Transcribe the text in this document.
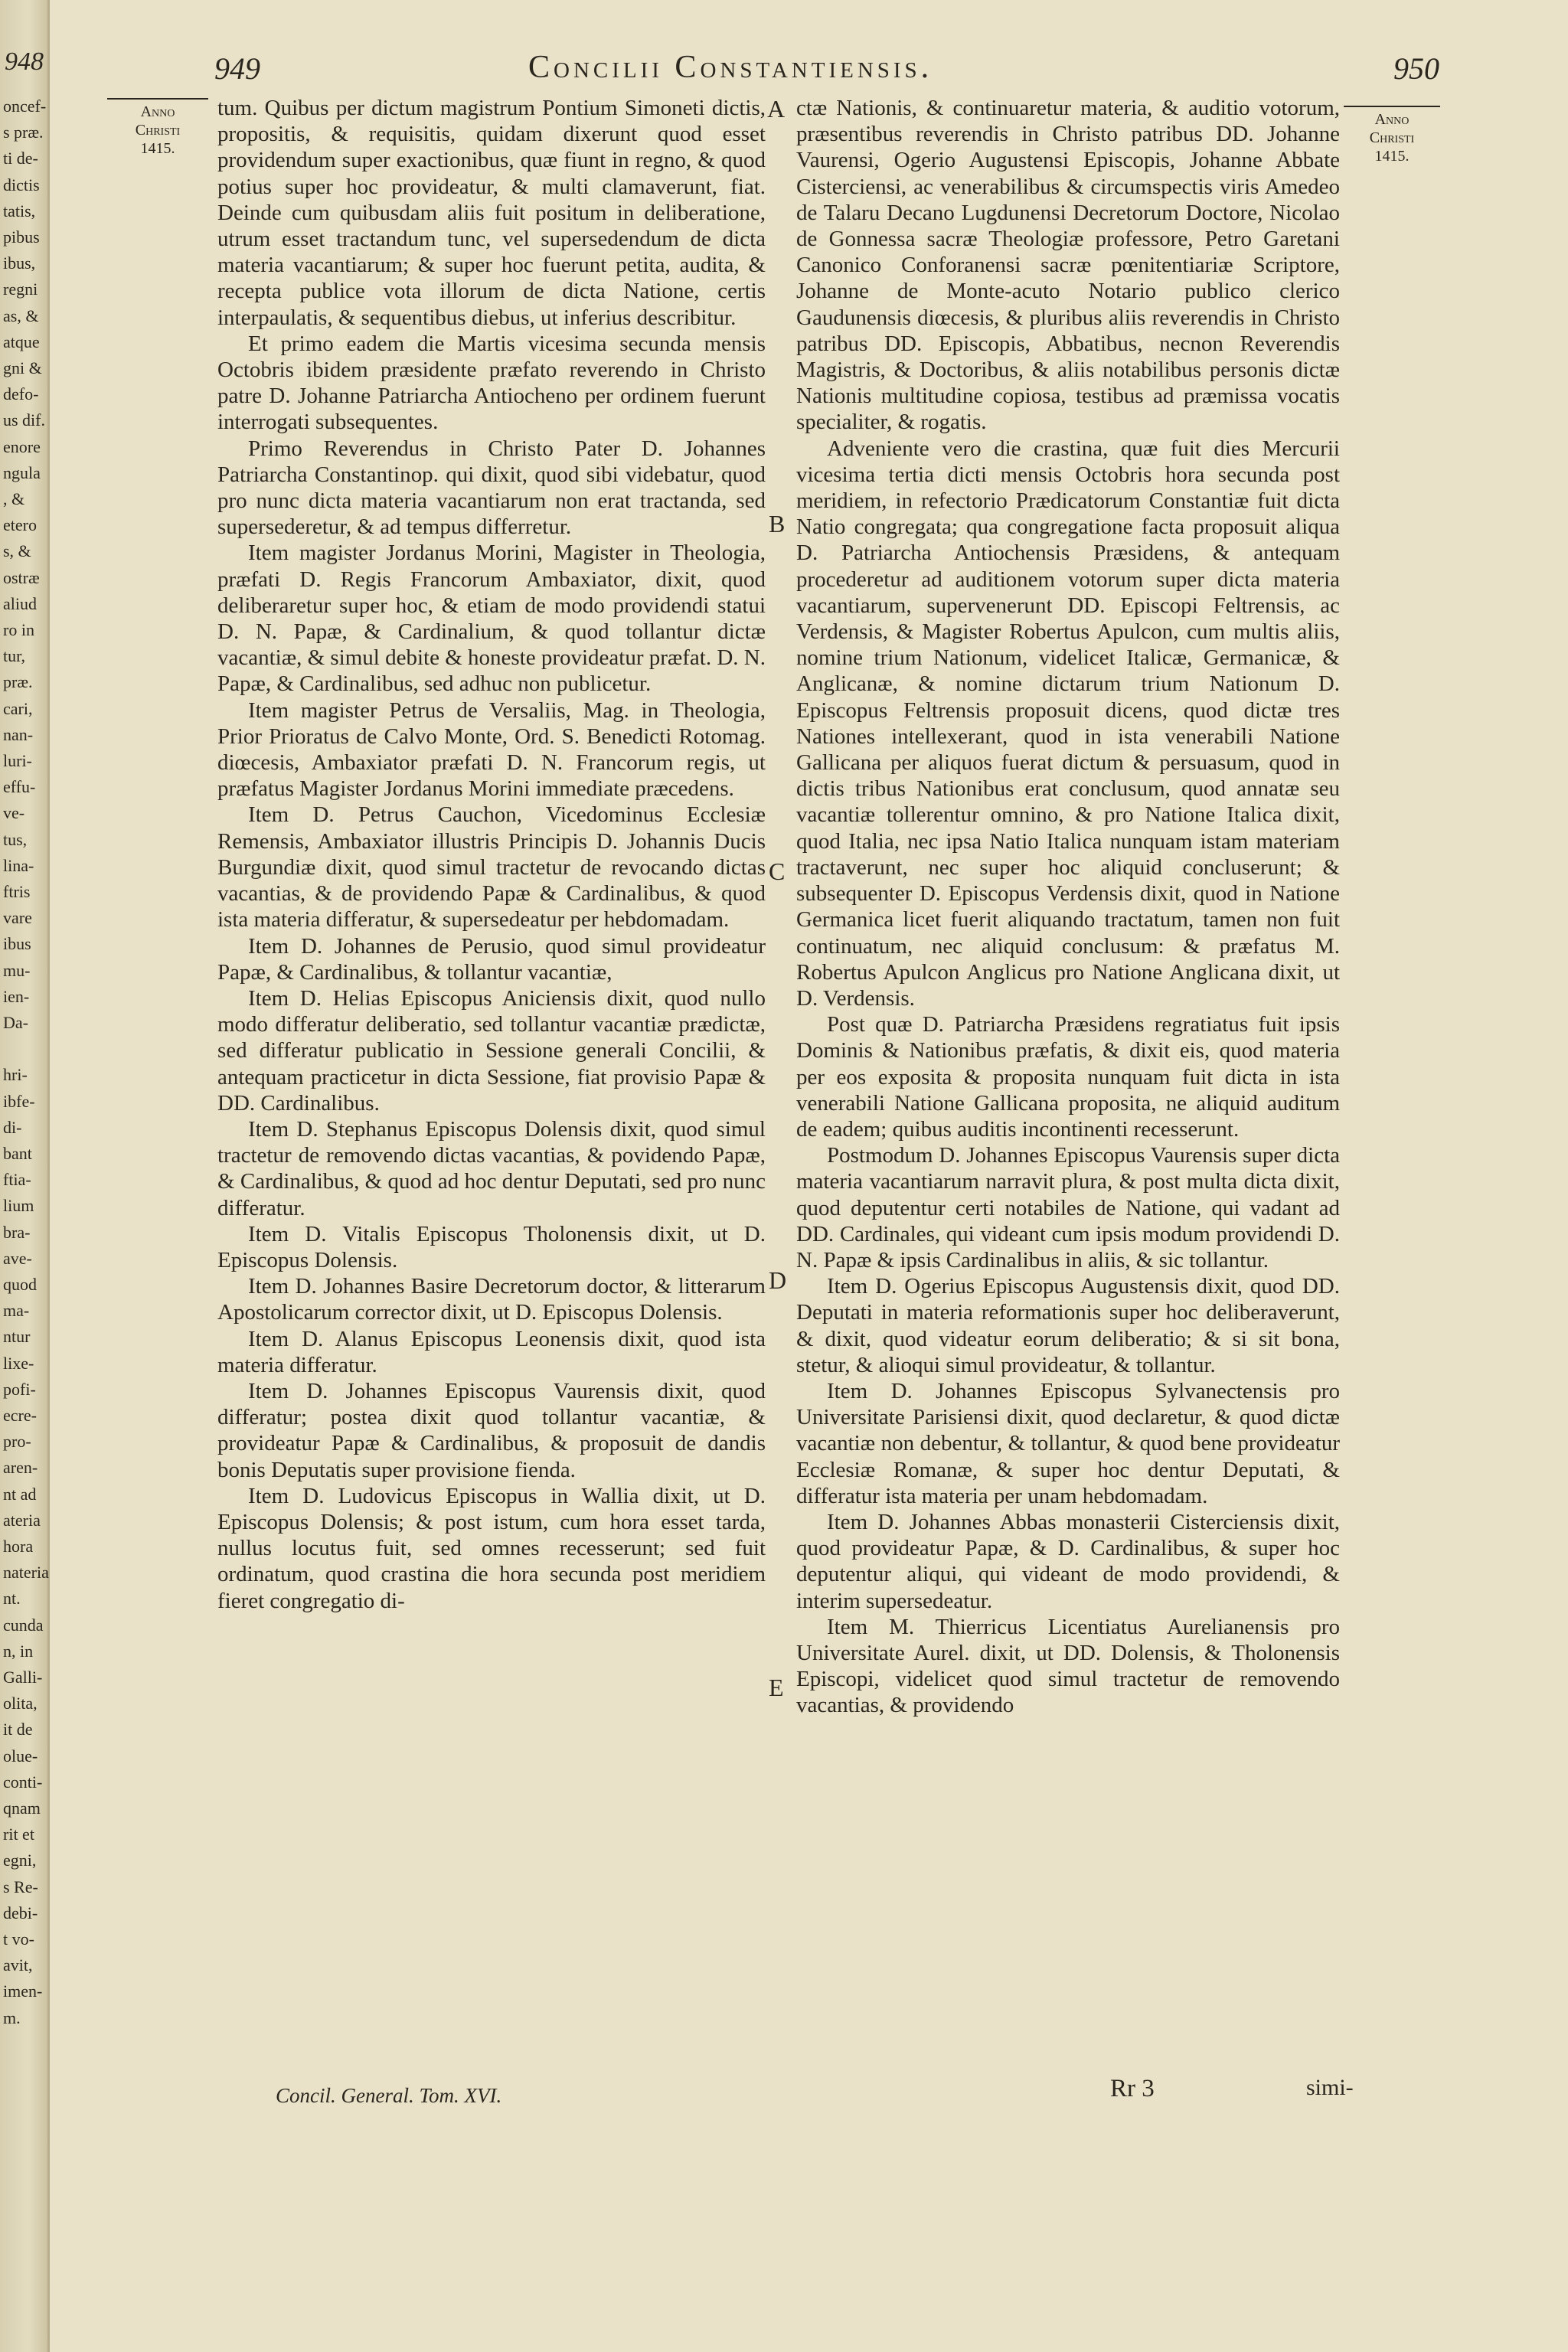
948
oncef-
s præ.
ti de-
dictis
tatis,
pibus
ibus,
regni
as, &
atque
gni &
defo-
us dif.
enore
ngula
, &
etero
s, &
ostræ
aliud
ro in
tur,
præ.
cari,
nan-
luri-
effu-
ve-
tus,
lina-
ftris
vare
ibus
mu-
ien-
Da-
hri-
ibfe-
di-
bant
ftia-
lium
bra-
ave-
quod
ma-
ntur
lixe-
pofi-
ecre-
pro-
aren-
nt ad
ateria
hora
nateria
nt.
cunda
n, in
Galli-
olita,
it de
olue-
conti-
qnam
rit et
egni,
s Re-
debi-
t vo-
avit,
imen-
m.
949	Concilii Constantiensis.	950
Anno
Christi
1415.
Anno
Christi
1415.

tum. Quibus per dictum magistrum Pontium Simoneti dictis, propositis, & requisitis, quidam dixerunt quod esset providendum super exactionibus, quæ fiunt in regno, & quod potius super hoc provideatur, & multi clamaverunt, fiat. Deinde cum quibusdam aliis fuit positum in deliberatione, utrum esset tractandum tunc, vel supersedendum de dicta materia vacantiarum; & super hoc fuerunt petita, audita, & recepta publice vota illorum de dicta Natione, certis interpaulatis, & sequentibus diebus, ut inferius describitur.

Et primo eadem die Martis vicesima secunda mensis Octobris ibidem præsidente præfato reverendo in Christo patre D. Johanne Patriarcha Antiocheno per ordinem fuerunt interrogati subsequentes.

Primo Reverendus in Christo Pater D. Johannes Patriarcha Constantinop. qui dixit, quod sibi videbatur, quod pro nunc dicta materia vacantiarum non erat tractanda, sed supersederetur, & ad tempus differretur.

Item magister Jordanus Morini, Magister in Theologia, præfati D. Regis Francorum Ambaxiator, dixit, quod deliberaretur super hoc, & etiam de modo providendi statui D. N. Papæ, & Cardinalium, & quod tollantur dictæ vacantiæ, & simul debite & honeste provideatur præfat. D. N. Papæ, & Cardinalibus, sed adhuc non publicetur.

Item magister Petrus de Versaliis, Mag. in Theologia, Prior Prioratus de Calvo Monte, Ord. S. Benedicti Rotomag. diœcesis, Ambaxiator præfati D. N. Francorum regis, ut præfatus Magister Jordanus Morini immediate præcedens.

Item D. Petrus Cauchon, Vicedominus Ecclesiæ Remensis, Ambaxiator illustris Principis D. Johannis Ducis Burgundiæ dixit, quod simul tractetur de revocando dictas vacantias, & de providendo Papæ & Cardinalibus, & quod ista materia differatur, & supersedeatur per hebdomadam.

Item D. Johannes de Perusio, quod simul provideatur Papæ, & Cardinalibus, & tollantur vacantiæ,

Item D. Helias Episcopus Aniciensis dixit, quod nullo modo differatur deliberatio, sed tollantur vacantiæ prædictæ, sed differatur publicatio in Sessione generali Concilii, & antequam practicetur in dicta Sessione, fiat provisio Papæ & DD. Cardinalibus.

Item D. Stephanus Episcopus Dolensis dixit, quod simul tractetur de removendo dictas vacantias, & povidendo Papæ, & Cardinalibus, & quod ad hoc dentur Deputati, sed pro nunc differatur.

Item D. Vitalis Episcopus Tholonensis dixit, ut D. Episcopus Dolensis.

Item D. Johannes Basire Decretorum doctor, & litterarum Apostolicarum corrector dixit, ut D. Episcopus Dolensis.

Item D. Alanus Episcopus Leonensis dixit, quod ista materia differatur.

Item D. Johannes Episcopus Vaurensis dixit, quod differatur; postea dixit quod tollantur vacantiæ, & provideatur Papæ & Cardinalibus, & proposuit de dandis bonis Deputatis super provisione fienda.

Item D. Ludovicus Episcopus in Wallia dixit, ut D. Episcopus Dolensis; & post istum, cum hora esset tarda, nullus locutus fuit, sed omnes recesserunt; sed fuit ordinatum, quod crastina die hora secunda post meridiem fieret congregatio di-

A
B
C
D
E

ctæ Nationis, & continuaretur materia, & auditio votorum, præsentibus reverendis in Christo patribus DD. Johanne Vaurensi, Ogerio Augustensi Episcopis, Johanne Abbate Cisterciensi, ac venerabilibus & circumspectis viris Amedeo de Talaru Decano Lugdunensi Decretorum Doctore, Nicolao de Gonnessa sacræ Theologiæ professore, Petro Garetani Canonico Conforanensi sacræ pœnitentiariæ Scriptore, Johanne de Monte-acuto Notario publico clerico Gaudunensis diœcesis, & pluribus aliis reverendis in Christo patribus DD. Episcopis, Abbatibus, necnon Reverendis Magistris, & Doctoribus, & aliis notabilibus personis dictæ Nationis multitudine copiosa, testibus ad præmissa vocatis specialiter, & rogatis.

Adveniente vero die crastina, quæ fuit dies Mercurii vicesima tertia dicti mensis Octobris hora secunda post meridiem, in refectorio Prædicatorum Constantiæ fuit dicta Natio congregata; qua congregatione facta proposuit aliqua D. Patriarcha Antiochensis Præsidens, & antequam procederetur ad auditionem votorum super dicta materia vacantiarum, supervenerunt DD. Episcopi Feltrensis, ac Verdensis, & Magister Robertus Apulcon, cum multis aliis, nomine trium Nationum, videlicet Italicæ, Germanicæ, & Anglicanæ, & nomine dictarum trium Nationum D. Episcopus Feltrensis proposuit dicens, quod dictæ tres Nationes intellexerant, quod in ista venerabili Natione Gallicana per aliquos fuerat dictum & persuasum, quod in dictis tribus Nationibus erat conclusum, quod annatæ seu vacantiæ tollerentur omnino, & pro Natione Italica dixit, quod Italia, nec ipsa Natio Italica nunquam istam materiam tractaverunt, nec super hoc aliquid concluserunt; & subsequenter D. Episcopus Verdensis dixit, quod in Natione Germanica licet fuerit aliquando tractatum, tamen non fuit continuatum, nec aliquid conclusum: & præfatus M. Robertus Apulcon Anglicus pro Natione Anglicana dixit, ut D. Verdensis.

Post quæ D. Patriarcha Præsidens regratiatus fuit ipsis Dominis & Nationibus præfatis, & dixit eis, quod materia per eos exposita & proposita nunquam fuit dicta in ista venerabili Natione Gallicana proposita, ne aliquid auditum de eadem; quibus auditis incontinenti recesserunt.

Postmodum D. Johannes Episcopus Vaurensis super dicta materia vacantiarum narravit plura, & post multa dicta dixit, quod deputentur certi notabiles de Natione, qui vadant ad DD. Cardinales, qui videant cum ipsis modum providendi D. N. Papæ & ipsis Cardinalibus in aliis, & sic tollantur.

Item D. Ogerius Episcopus Augustensis dixit, quod DD. Deputati in materia reformationis super hoc deliberaverunt, & dixit, quod videatur eorum deliberatio; & si sit bona, stetur, & alioqui simul provideatur, & tollantur.

Item D. Johannes Episcopus Sylvanectensis pro Universitate Parisiensi dixit, quod declaretur, & quod dictæ vacantiæ non debentur, & tollantur, & quod bene provideatur Ecclesiæ Romanæ, & super hoc dentur Deputati, & differatur ista materia per unam hebdomadam.

Item D. Johannes Abbas monasterii Cisterciensis dixit, quod provideatur Papæ, & D. Cardinalibus, & super hoc deputentur aliqui, qui videant de modo providendi, & interim supersedeatur.

Item M. Thierricus Licentiatus Aurelianensis pro Universitate Aurel. dixit, ut DD. Dolensis, & Tholonensis Episcopi, videlicet quod simul tractetur de removendo vacantias, & providendo

Concil. General. Tom. XVI.	Rr 3	simi-
